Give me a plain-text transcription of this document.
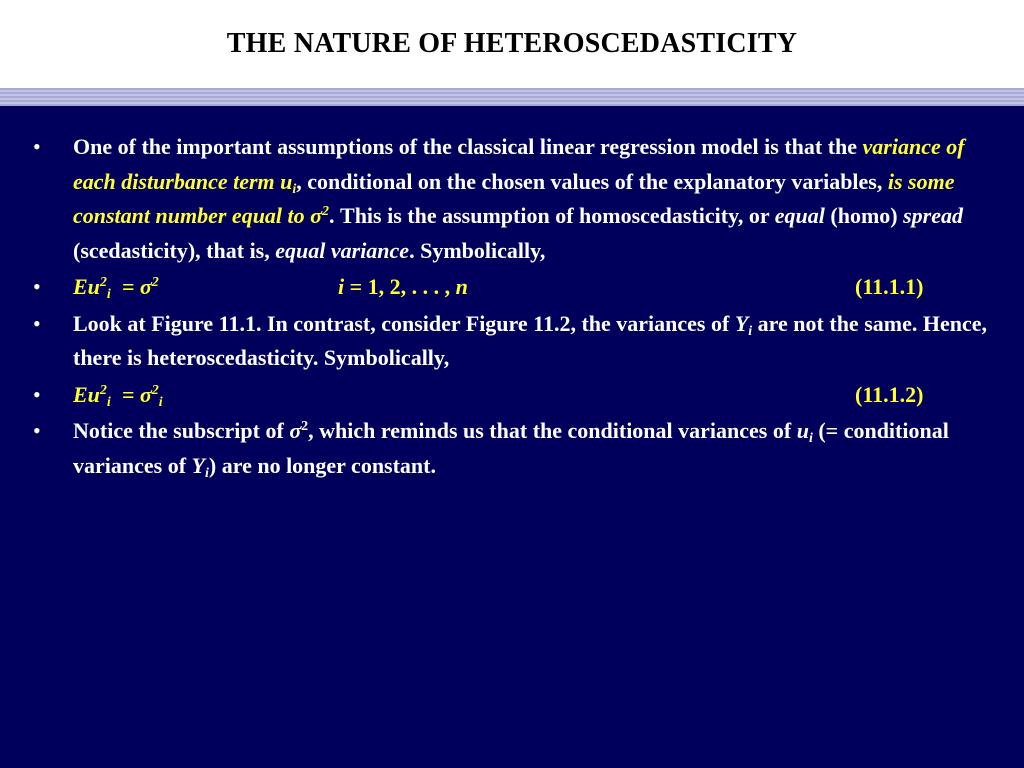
THE NATURE OF HETEROSCEDASTICITY
• One of the important assumptions of the classical linear regression model is that the variance of each disturbance term $u_i$, conditional on the chosen values of the explanatory variables, is some constant number equal to $\sigma^2$. This is the assumption of homoscedasticity, or equal (homo) spread (scedasticity), that is, equal variance. Symbolically,
• $Eu^2_i = \sigma^2$	i = 1, 2, . . . , n	(11.1.1)
• Look at Figure 11.1. In contrast, consider Figure 11.2, the variances of $Y_i$ are not the same. Hence, there is heteroscedasticity. Symbolically,
• $Eu^2_i = \sigma^2_i$	(11.1.2)
• Notice the subscript of $\sigma^2$, which reminds us that the conditional variances of $u_i$ (= conditional variances of $Y_i$) are no longer constant.
